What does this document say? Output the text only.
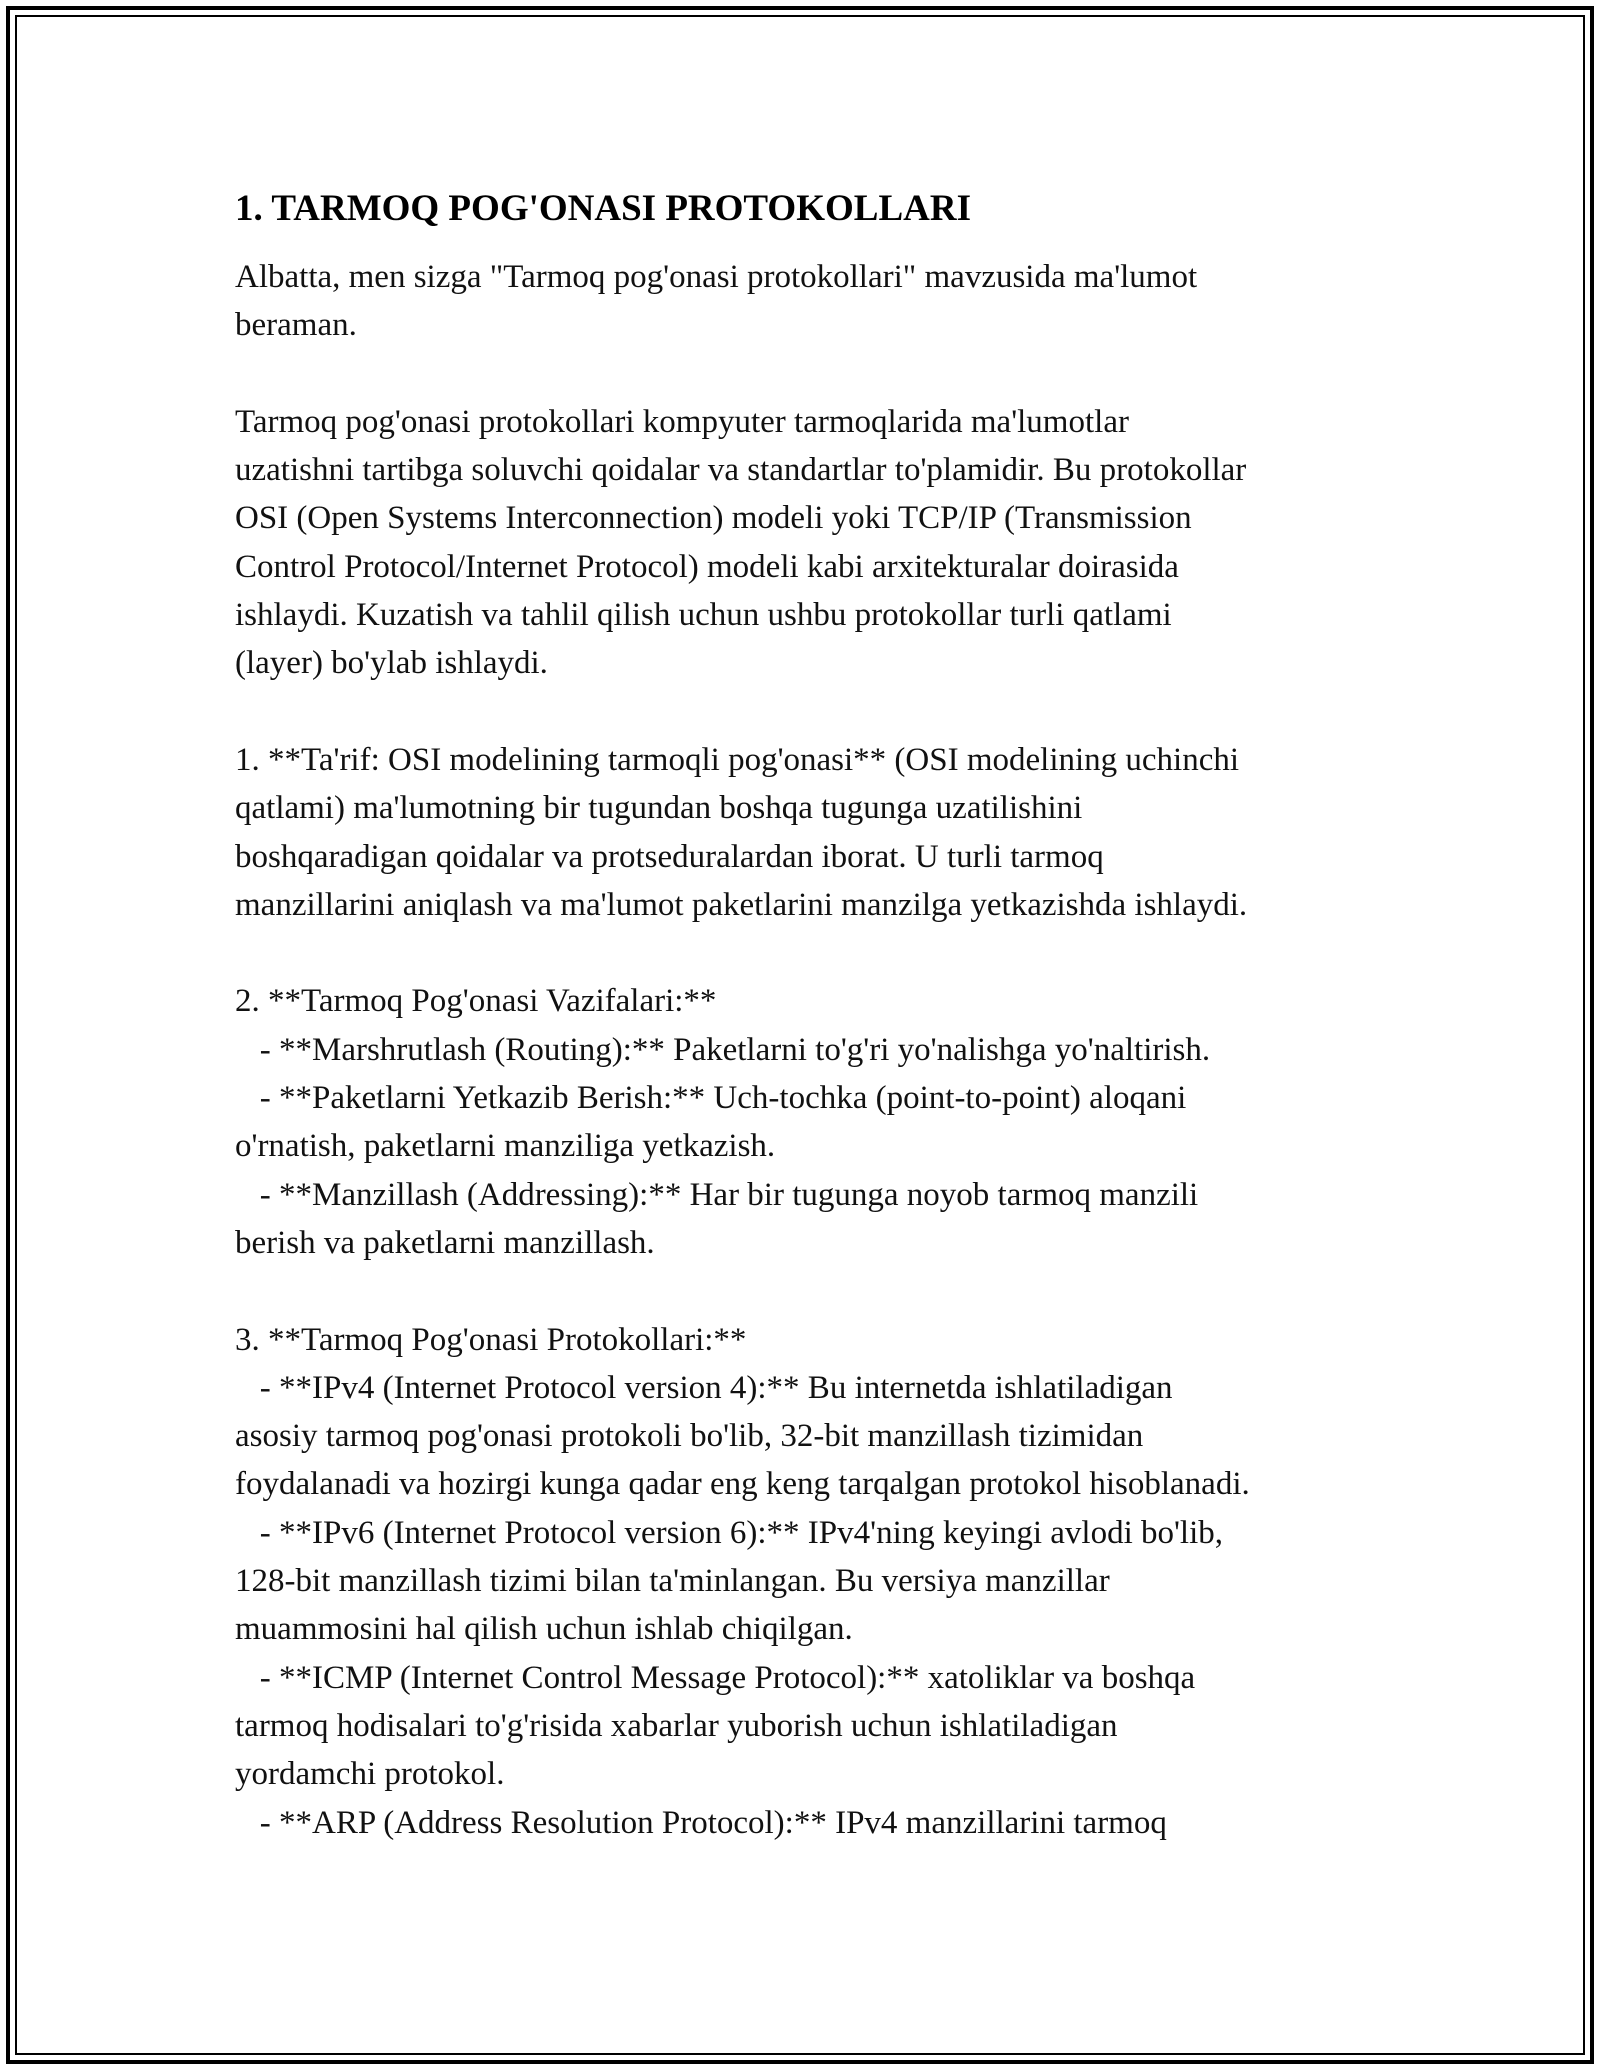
1. TARMOQ POG'ONASI PROTOKOLLARI

Albatta, men sizga "Tarmoq pog'onasi protokollari" mavzusida ma'lumot
beraman.

Tarmoq pog'onasi protokollari kompyuter tarmoqlarida ma'lumotlar
uzatishni tartibga soluvchi qoidalar va standartlar to'plamidir. Bu protokollar
OSI (Open Systems Interconnection) modeli yoki TCP/IP (Transmission
Control Protocol/Internet Protocol) modeli kabi arxitekturalar doirasida
ishlaydi. Kuzatish va tahlil qilish uchun ushbu protokollar turli qatlami
(layer) bo'ylab ishlaydi.

1. **Ta'rif: OSI modelining tarmoqli pog'onasi** (OSI modelining uchinchi
qatlami) ma'lumotning bir tugundan boshqa tugunga uzatilishini
boshqaradigan qoidalar va protseduralardan iborat. U turli tarmoq
manzillarini aniqlash va ma'lumot paketlarini manzilga yetkazishda ishlaydi.

2. **Tarmoq Pog'onasi Vazifalari:**
- **Marshrutlash (Routing):** Paketlarni to'g'ri yo'nalishga yo'naltirish.
- **Paketlarni Yetkazib Berish:** Uch-tochka (point-to-point) aloqani
o'rnatish, paketlarni manziliga yetkazish.
- **Manzillash (Addressing):** Har bir tugunga noyob tarmoq manzili
berish va paketlarni manzillash.

3. **Tarmoq Pog'onasi Protokollari:**
- **IPv4 (Internet Protocol version 4):** Bu internetda ishlatiladigan
asosiy tarmoq pog'onasi protokoli bo'lib, 32-bit manzillash tizimidan
foydalanadi va hozirgi kunga qadar eng keng tarqalgan protokol hisoblanadi.
- **IPv6 (Internet Protocol version 6):** IPv4'ning keyingi avlodi bo'lib,
128-bit manzillash tizimi bilan ta'minlangan. Bu versiya manzillar
muammosini hal qilish uchun ishlab chiqilgan.
- **ICMP (Internet Control Message Protocol):** xatoliklar va boshqa
tarmoq hodisalari to'g'risida xabarlar yuborish uchun ishlatiladigan
yordamchi protokol.
- **ARP (Address Resolution Protocol):** IPv4 manzillarini tarmoq
